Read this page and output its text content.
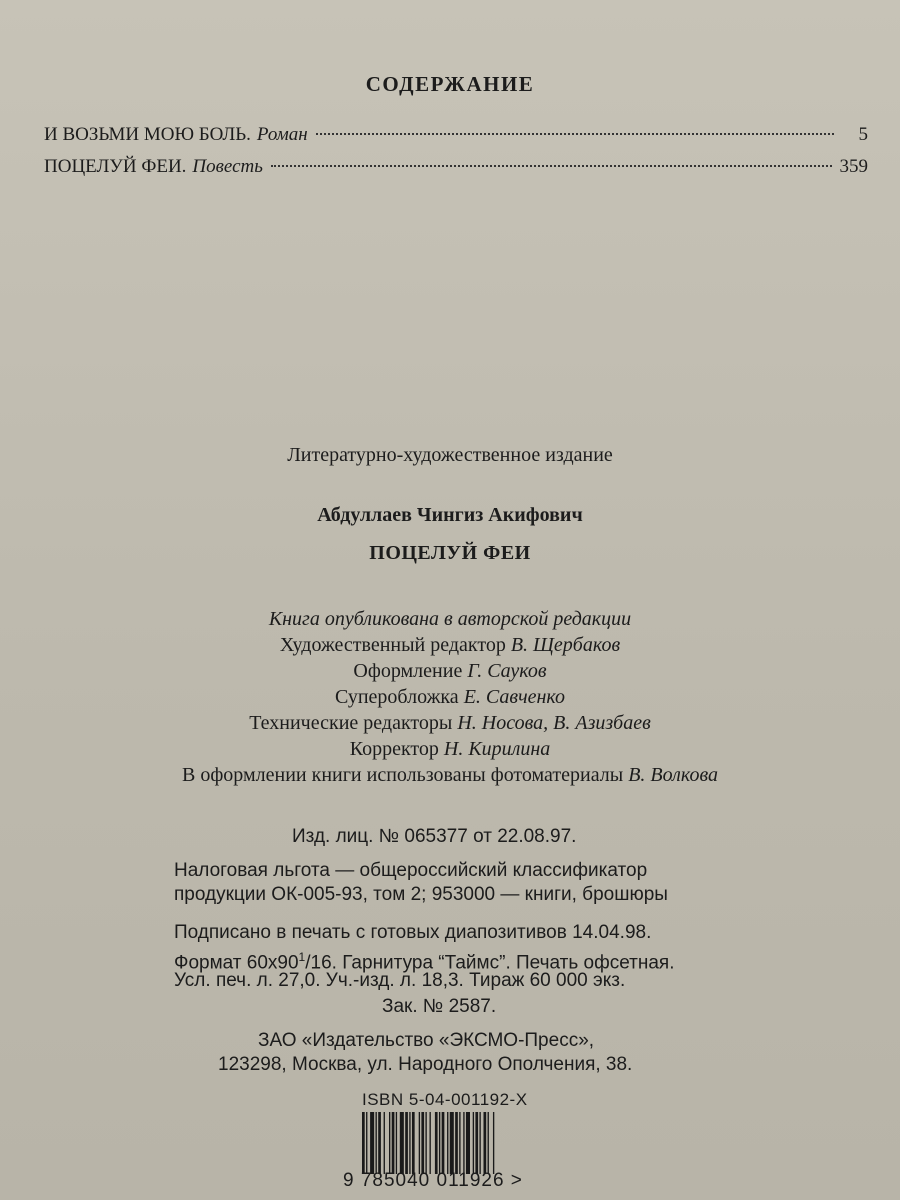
СОДЕРЖАНИЕ
И ВОЗЬМИ МОЮ БОЛЬ. Роман	5
ПОЦЕЛУЙ ФЕИ. Повесть	359
Литературно-художественное издание
Абдуллаев Чингиз Акифович
ПОЦЕЛУЙ ФЕИ
Книга опубликована в авторской редакции
Художественный редактор В. Щербаков
Оформление Г. Сауков
Суперобложка Е. Савченко
Технические редакторы Н. Носова, В. Азизбаев
Корректор Н. Кирилина
В оформлении книги использованы фотоматериалы В. Волкова
Изд. лиц. № 065377 от 22.08.97.
Налоговая льгота — общероссийский классификатор
продукции ОК-005-93, том 2; 953000 — книги, брошюры
Подписано в печать с готовых диапозитивов 14.04.98.
Формат $60х90^1/16$. Гарнитура “Таймс”. Печать офсетная.
Усл. печ. л. 27,0. Уч.-изд. л. 18,3. Тираж 60 000 экз.
Зак. № 2587.
ЗАО «Издательство «ЭКСМО-Пресс»,
123298, Москва, ул. Народного Ополчения, 38.
ISBN 5-04-001192-X
9 785040 011926 >
